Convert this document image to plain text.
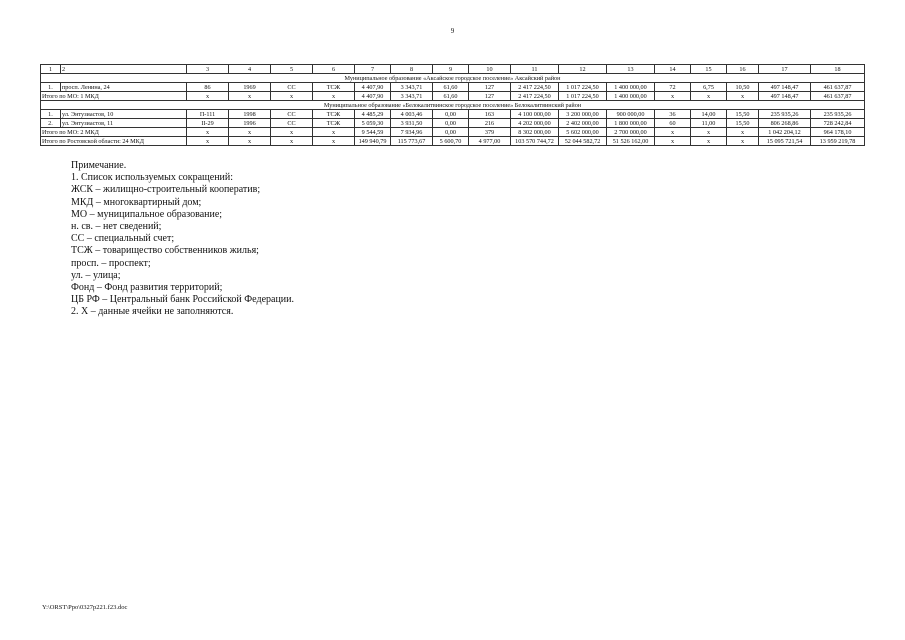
9
1	2	3	4	5	6	7	8	9	10	11	12	13	14	15	16	17	18
Муниципальное образование «Аксайское городское поселение» Аксайский район																	
1.	просп. Ленина, 24	86	1969	СС	ТСЖ	4 407,90	3 343,71	61,60	127	2 417 224,50	1 017 224,50	1 400 000,00	72	6,75	10,50	497 148,47	461 637,87
Итого по МО: 1 МКД		x	x	x	x	4 407,90	3 343,71	61,60	127	2 417 224,50	1 017 224,50	1 400 000,00	x	x	x	497 148,47	461 637,87
Муниципальное образование «Белокалитвинское городское поселение» Белокалитвинский район																	
1.	ул. Энтузиастов, 10	П-111	1998	СС	ТСЖ	4 485,29	4 003,46	0,00	163	4 100 000,00	3 200 000,00	900 000,00	36	14,00	15,50	235 935,26	235 935,26
2.	ул. Энтузиастов, 11	II-29	1996	СС	ТСЖ	5 059,30	3 931,50	0,00	216	4 202 000,00	2 402 000,00	1 800 000,00	60	11,00	15,50	806 268,86	728 242,84
Итого по МО: 2 МКД		x	x	x	x	9 544,59	7 934,96	0,00	379	8 302 000,00	5 602 000,00	2 700 000,00	x	x	x	1 042 204,12	964 178,10
Итого по Ростовской области: 24 МКД		x	x	x	x	149 940,79	115 773,67	5 600,70	4 977,00	103 570 744,72	52 044 582,72	51 526 162,00	x	x	x	15 095 721,54	13 959 219,78
Примечание.
1. Список используемых сокращений:
ЖСК – жилищно-строительный кооператив;
МКД – многоквартирный дом;
МО – муниципальное образование;
н. св. – нет сведений;
СС – специальный счет;
ТСЖ – товарищество собственников жилья;
просп. – проспект;
ул. – улица;
Фонд – Фонд развития территорий;
ЦБ РФ – Центральный банк Российской Федерации.
2. Х – данные ячейки не заполняются.
Y:\ORST\Ppo\0327p221.f23.doc
